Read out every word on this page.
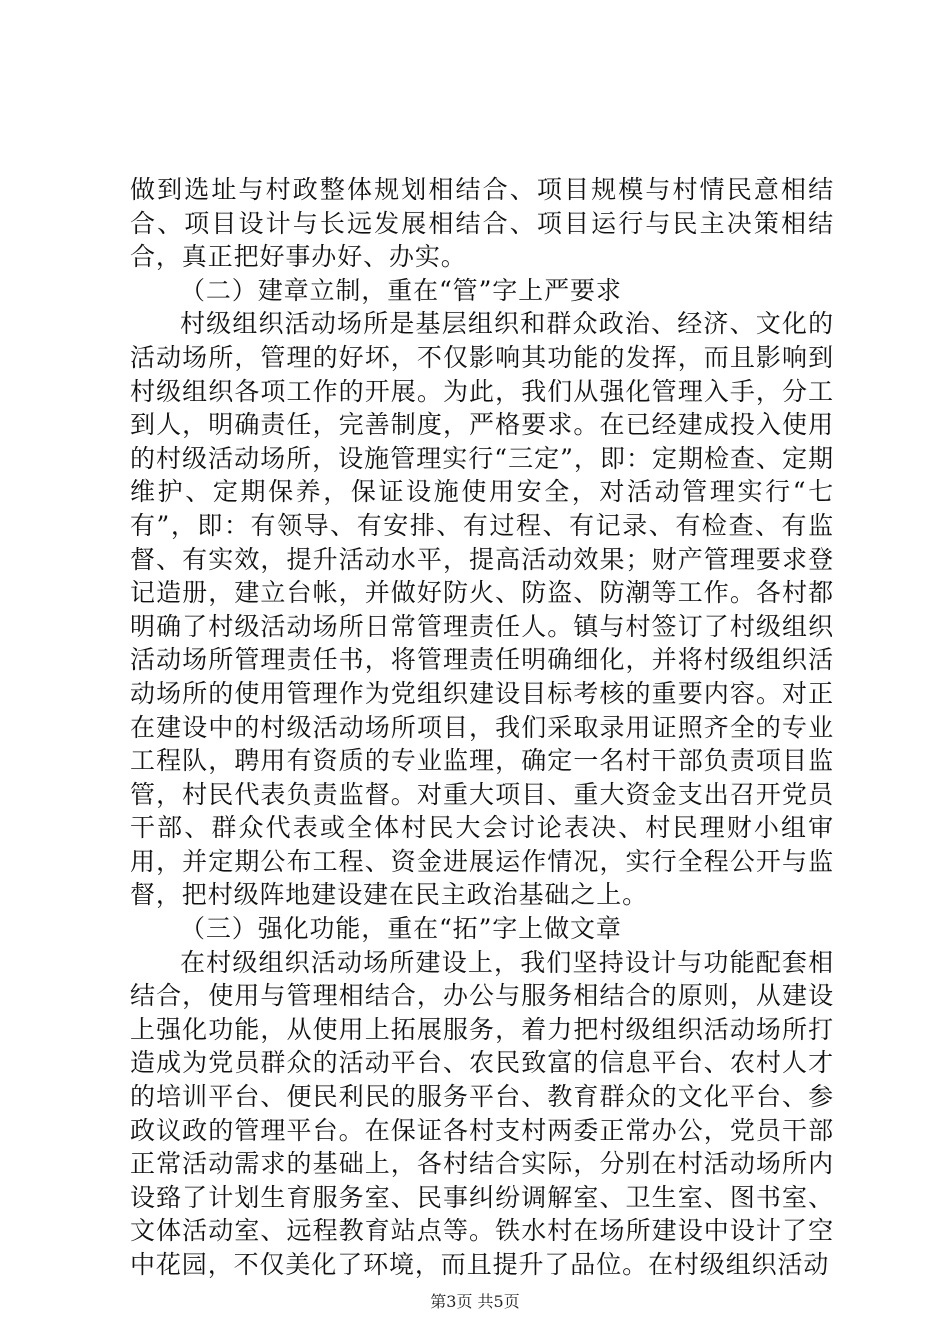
做到选址与村政整体规划相结合、项目规模与村情民意相结合、项目设计与长远发展相结合、项目运行与民主决策相结合，真正把好事办好、办实。

（二）建章立制，重在“管”字上严要求

村级组织活动场所是基层组织和群众政治、经济、文化的活动场所，管理的好坏，不仅影响其功能的发挥，而且影响到村级组织各项工作的开展。为此，我们从强化管理入手，分工到人，明确责任，完善制度，严格要求。在已经建成投入使用的村级活动场所，设施管理实行“三定”，即：定期检查、定期维护、定期保养，保证设施使用安全，对活动管理实行“七有”，即：有领导、有安排、有过程、有记录、有检查、有监督、有实效，提升活动水平，提高活动效果；财产管理要求登记造册，建立台帐，并做好防火、防盗、防潮等工作。各村都明确了村级活动场所日常管理责任人。镇与村签订了村级组织活动场所管理责任书，将管理责任明确细化，并将村级组织活动场所的使用管理作为党组织建设目标考核的重要内容。对正在建设中的村级活动场所项目，我们采取录用证照齐全的专业工程队，聘用有资质的专业监理，确定一名村干部负责项目监管，村民代表负责监督。对重大项目、重大资金支出召开党员干部、群众代表或全体村民大会讨论表决、村民理财小组审用，并定期公布工程、资金进展运作情况，实行全程公开与监督，把村级阵地建设建在民主政治基础之上。

（三）强化功能，重在“拓”字上做文章

在村级组织活动场所建设上，我们坚持设计与功能配套相结合，使用与管理相结合，办公与服务相结合的原则，从建设上强化功能，从使用上拓展服务，着力把村级组织活动场所打造成为党员群众的活动平台、农民致富的信息平台、农村人才的培训平台、便民利民的服务平台、教育群众的文化平台、参政议政的管理平台。在保证各村支村两委正常办公，党员干部正常活动需求的基础上，各村结合实际，分别在村活动场所内设臵了计划生育服务室、民事纠纷调解室、卫生室、图书室、文体活动室、远程教育站点等。铁水村在场所建设中设计了空中花园，不仅美化了环境，而且提升了品位。在村级组织活动

第3页 共5页
